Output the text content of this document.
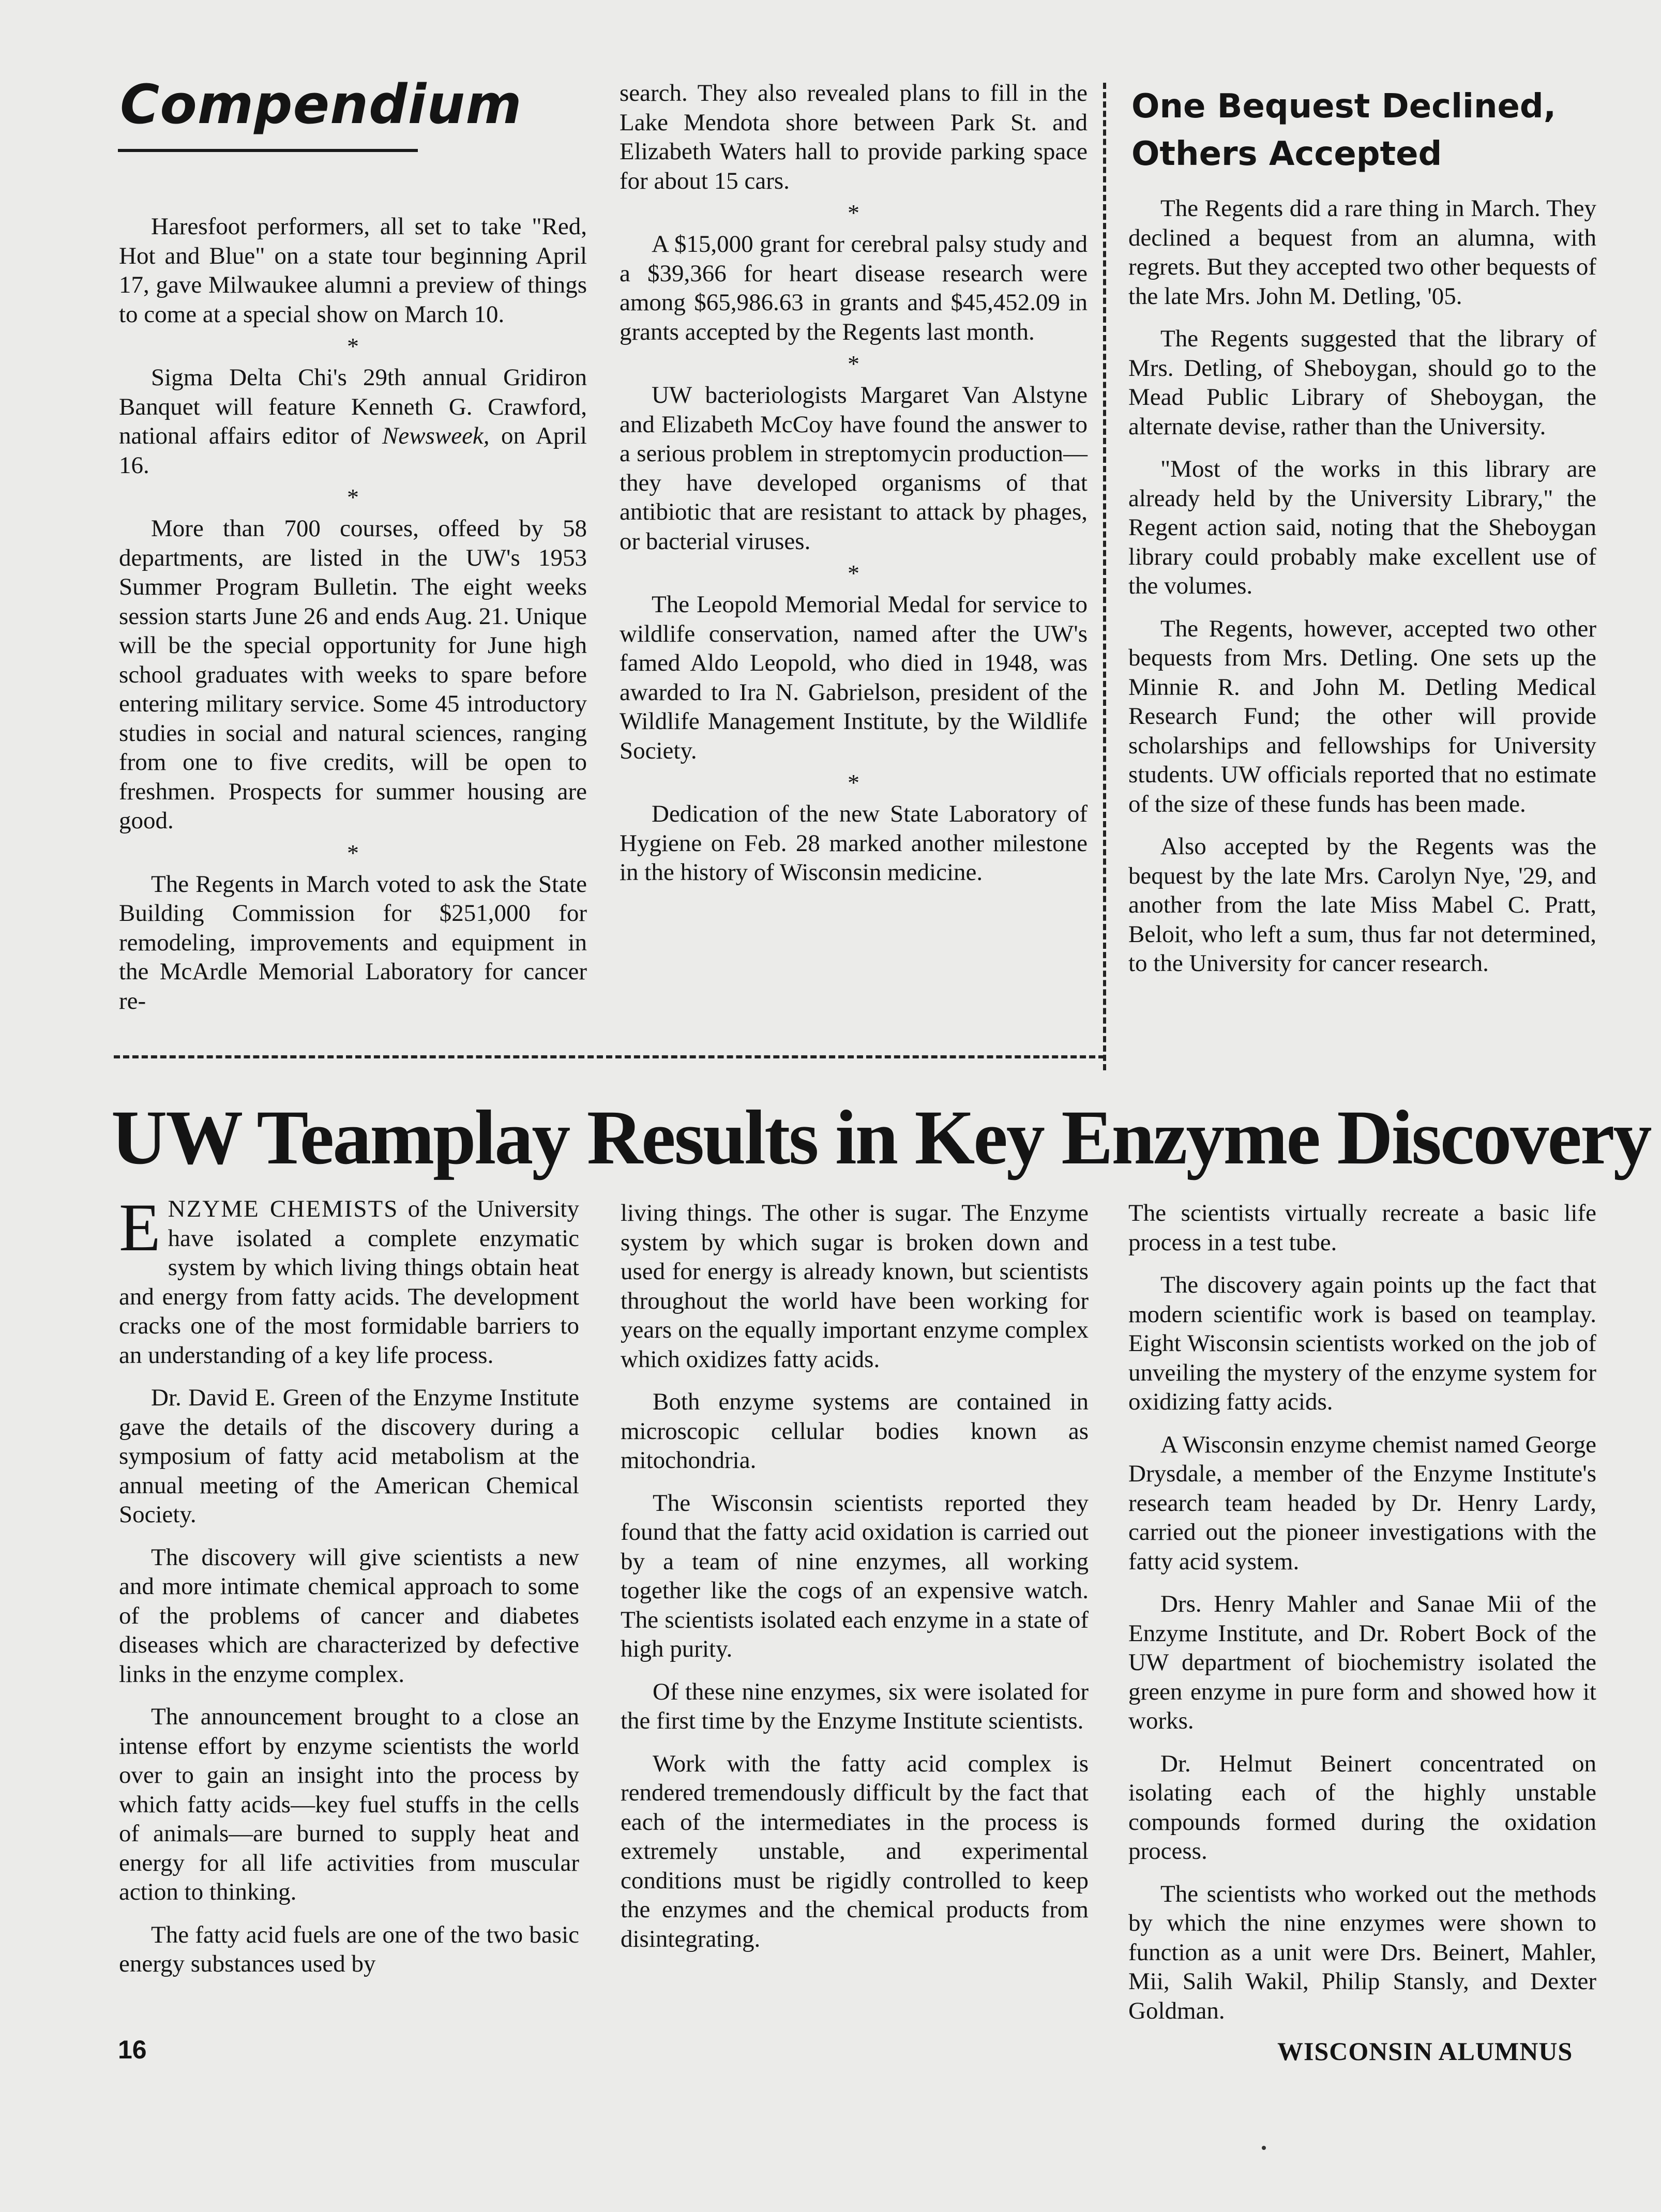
Compendium

Haresfoot performers, all set to take "Red, Hot and Blue" on a state tour beginning April 17, gave Milwaukee alumni a preview of things to come at a special show on March 10.

*

Sigma Delta Chi's 29th annual Gridiron Banquet will feature Kenneth G. Crawford, national affairs editor of Newsweek, on April 16.

*

More than 700 courses, offeed by 58 departments, are listed in the UW's 1953 Summer Program Bulletin. The eight weeks session starts June 26 and ends Aug. 21. Unique will be the special opportunity for June high school graduates with weeks to spare before entering military service. Some 45 introductory studies in social and natural sciences, ranging from one to five credits, will be open to freshmen. Prospects for summer housing are good.

*

The Regents in March voted to ask the State Building Commission for $251,000 for remodeling, improvements and equipment in the McArdle Memorial Laboratory for cancer re-

search. They also revealed plans to fill in the Lake Mendota shore between Park St. and Elizabeth Waters hall to provide parking space for about 15 cars.

*

A $15,000 grant for cerebral palsy study and a $39,366 for heart disease research were among $65,986.63 in grants and $45,452.09 in grants accepted by the Regents last month.

*

UW bacteriologists Margaret Van Alstyne and Elizabeth McCoy have found the answer to a serious problem in streptomycin production—they have developed organisms of that antibiotic that are resistant to attack by phages, or bacterial viruses.

*

The Leopold Memorial Medal for service to wildlife conservation, named after the UW's famed Aldo Leopold, who died in 1948, was awarded to Ira N. Gabrielson, president of the Wildlife Management Institute, by the Wildlife Society.

*

Dedication of the new State Laboratory of Hygiene on Feb. 28 marked another milestone in the history of Wisconsin medicine.

One Bequest Declined, Others Accepted

The Regents did a rare thing in March. They declined a bequest from an alumna, with regrets. But they accepted two other bequests of the late Mrs. John M. Detling, '05.

The Regents suggested that the library of Mrs. Detling, of Sheboygan, should go to the Mead Public Library of Sheboygan, the alternate devise, rather than the University.

"Most of the works in this library are already held by the University Library," the Regent action said, noting that the Sheboygan library could probably make excellent use of the volumes.

The Regents, however, accepted two other bequests from Mrs. Detling. One sets up the Minnie R. and John M. Detling Medical Research Fund; the other will provide scholarships and fellowships for University students. UW officials reported that no estimate of the size of these funds has been made.

Also accepted by the Regents was the bequest by the late Mrs. Carolyn Nye, '29, and another from the late Miss Mabel C. Pratt, Beloit, who left a sum, thus far not determined, to the University for cancer research.

UW Teamplay Results in Key Enzyme Discovery

ENZYME CHEMISTS of the University have isolated a complete enzymatic system by which living things obtain heat and energy from fatty acids. The development cracks one of the most formidable barriers to an understanding of a key life process.

Dr. David E. Green of the Enzyme Institute gave the details of the discovery during a symposium of fatty acid metabolism at the annual meeting of the American Chemical Society.

The discovery will give scientists a new and more intimate chemical approach to some of the problems of cancer and diabetes diseases which are characterized by defective links in the enzyme complex.

The announcement brought to a close an intense effort by enzyme scientists the world over to gain an insight into the process by which fatty acids—key fuel stuffs in the cells of animals—are burned to supply heat and energy for all life activities from muscular action to thinking.

The fatty acid fuels are one of the two basic energy substances used by

living things. The other is sugar. The Enzyme system by which sugar is broken down and used for energy is already known, but scientists throughout the world have been working for years on the equally important enzyme complex which oxidizes fatty acids.

Both enzyme systems are contained in microscopic cellular bodies known as mitochondria.

The Wisconsin scientists reported they found that the fatty acid oxidation is carried out by a team of nine enzymes, all working together like the cogs of an expensive watch. The scientists isolated each enzyme in a state of high purity.

Of these nine enzymes, six were isolated for the first time by the Enzyme Institute scientists.

Work with the fatty acid complex is rendered tremendously difficult by the fact that each of the intermediates in the process is extremely unstable, and experimental conditions must be rigidly controlled to keep the enzymes and the chemical products from disintegrating.

The scientists virtually recreate a basic life process in a test tube.

The discovery again points up the fact that modern scientific work is based on teamplay. Eight Wisconsin scientists worked on the job of unveiling the mystery of the enzyme system for oxidizing fatty acids.

A Wisconsin enzyme chemist named George Drysdale, a member of the Enzyme Institute's research team headed by Dr. Henry Lardy, carried out the pioneer investigations with the fatty acid system.

Drs. Henry Mahler and Sanae Mii of the Enzyme Institute, and Dr. Robert Bock of the UW department of biochemistry isolated the green enzyme in pure form and showed how it works.

Dr. Helmut Beinert concentrated on isolating each of the highly unstable compounds formed during the oxidation process.

The scientists who worked out the methods by which the nine enzymes were shown to function as a unit were Drs. Beinert, Mahler, Mii, Salih Wakil, Philip Stansly, and Dexter Goldman.

16	WISCONSIN ALUMNUS
